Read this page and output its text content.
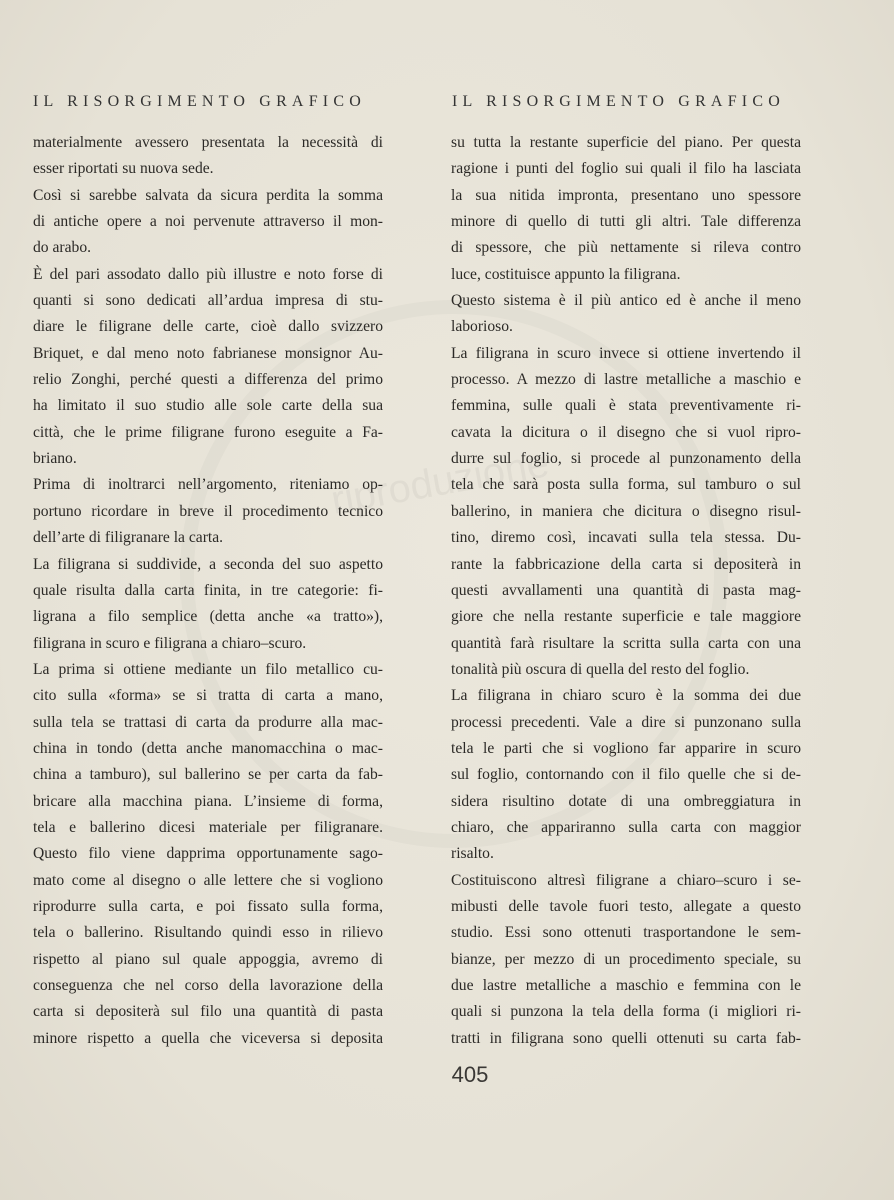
riproduzione
IL RISORGIMENTO GRAFICO	IL RISORGIMENTO GRAFICO
materialmente avessero presentata la necessità di
esser riportati su nuova sede.
Così si sarebbe salvata da sicura perdita la somma
di antiche opere a noi pervenute attraverso il mon-
do arabo.
È del pari assodato dallo più illustre e noto forse di
quanti si sono dedicati all’ardua impresa di stu-
diare le filigrane delle carte, cioè dallo svizzero
Briquet, e dal meno noto fabrianese monsignor Au-
relio Zonghi, perché questi a differenza del primo
ha limitato il suo studio alle sole carte della sua
città, che le prime filigrane furono eseguite a Fa-
briano.
Prima di inoltrarci nell’argomento, riteniamo op-
portuno ricordare in breve il procedimento tecnico
dell’arte di filigranare la carta.
La filigrana si suddivide, a seconda del suo aspetto
quale risulta dalla carta finita, in tre categorie: fi-
ligrana a filo semplice (detta anche «a tratto»),
filigrana in scuro e filigrana a chiaro–scuro.
La prima si ottiene mediante un filo metallico cu-
cito sulla «forma» se si tratta di carta a mano,
sulla tela se trattasi di carta da produrre alla mac-
china in tondo (detta anche manomacchina o mac-
china a tamburo), sul ballerino se per carta da fab-
bricare alla macchina piana. L’insieme di forma,
tela e ballerino dicesi materiale per filigranare.
Questo filo viene dapprima opportunamente sago-
mato come al disegno o alle lettere che si vogliono
riprodurre sulla carta, e poi fissato sulla forma,
tela o ballerino. Risultando quindi esso in rilievo
rispetto al piano sul quale appoggia, avremo di
conseguenza che nel corso della lavorazione della
carta si depositerà sul filo una quantità di pasta
minore rispetto a quella che viceversa si deposita
su tutta la restante superficie del piano. Per questa
ragione i punti del foglio sui quali il filo ha lasciata
la sua nitida impronta, presentano uno spessore
minore di quello di tutti gli altri. Tale differenza
di spessore, che più nettamente si rileva contro
luce, costituisce appunto la filigrana.
Questo sistema è il più antico ed è anche il meno
laborioso.
La filigrana in scuro invece si ottiene invertendo il
processo. A mezzo di lastre metalliche a maschio e
femmina, sulle quali è stata preventivamente ri-
cavata la dicitura o il disegno che si vuol ripro-
durre sul foglio, si procede al punzonamento della
tela che sarà posta sulla forma, sul tamburo o sul
ballerino, in maniera che dicitura o disegno risul-
tino, diremo così, incavati sulla tela stessa. Du-
rante la fabbricazione della carta si depositerà in
questi avvallamenti una quantità di pasta mag-
giore che nella restante superficie e tale maggiore
quantità farà risultare la scritta sulla carta con una
tonalità più oscura di quella del resto del foglio.
La filigrana in chiaro scuro è la somma dei due
processi precedenti. Vale a dire si punzonano sulla
tela le parti che si vogliono far apparire in scuro
sul foglio, contornando con il filo quelle che si de-
sidera risultino dotate di una ombreggiatura in
chiaro, che appariranno sulla carta con maggior
risalto.
Costituiscono altresì filigrane a chiaro–scuro i se-
mibusti delle tavole fuori testo, allegate a questo
studio. Essi sono ottenuti trasportandone le sem-
bianze, per mezzo di un procedimento speciale, su
due lastre metalliche a maschio e femmina con le
quali si punzona la tela della forma (i migliori ri-
tratti in filigrana sono quelli ottenuti su carta fab-
405
